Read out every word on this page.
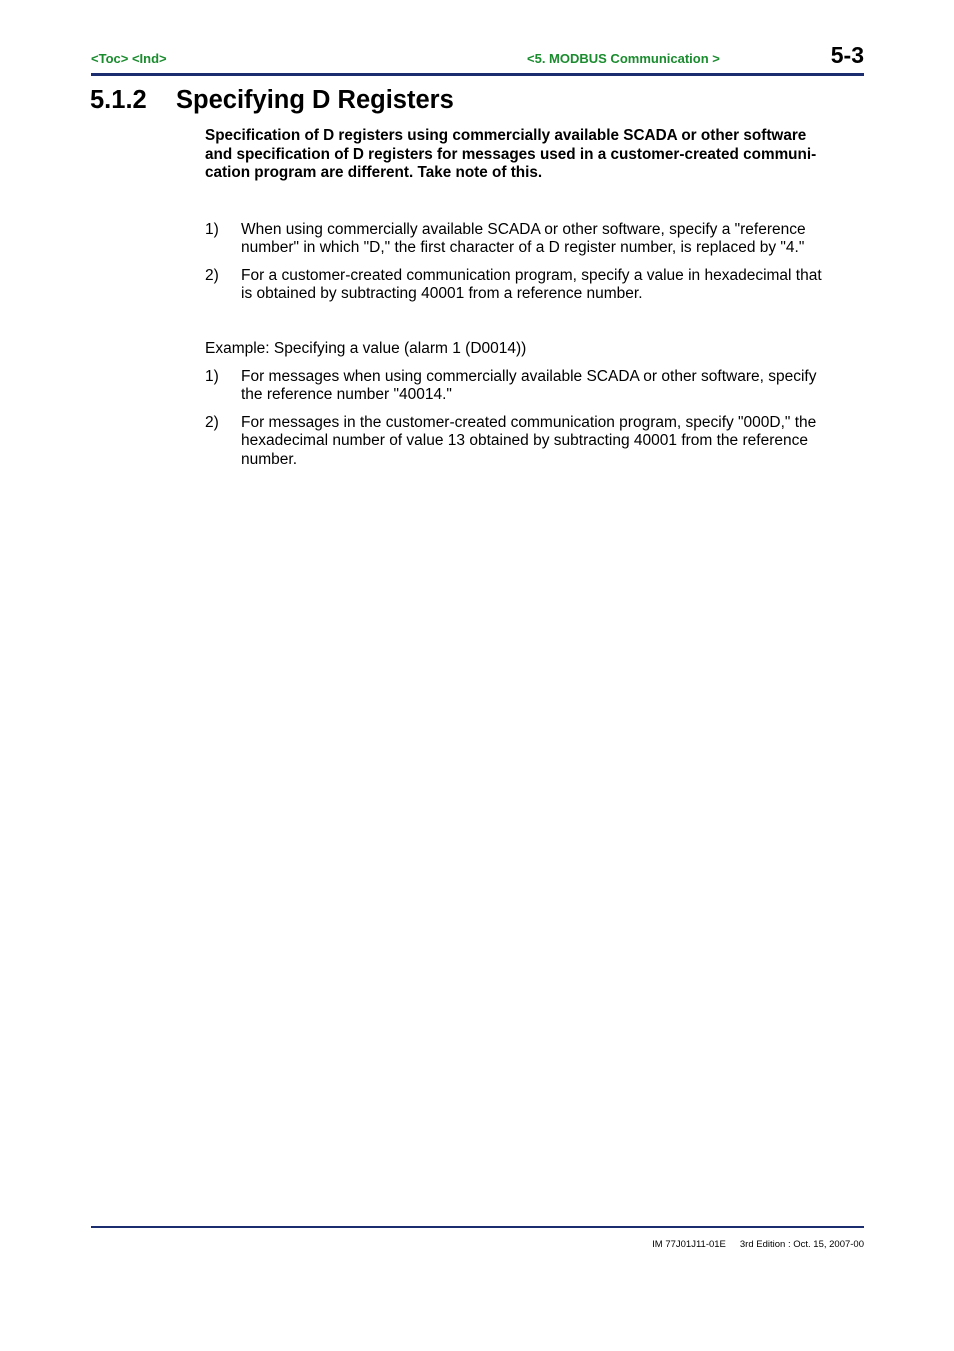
<Toc> <Ind>	<5. MODBUS Communication >	5-3
5.1.2 Specifying D Registers
Specification of D registers using commercially available SCADA or other software
and specification of D registers for messages used in a customer-created communi-
cation program are different. Take note of this.
1) When using commercially available SCADA or other software, specify a "reference
number" in which "D," the first character of a D register number, is replaced by "4."
2) For a customer-created communication program, specify a value in hexadecimal that
is obtained by subtracting 40001 from a reference number.
Example: Specifying a value (alarm 1 (D0014))
1) For messages when using commercially available SCADA or other software, specify
the reference number "40014."
2) For messages in the customer-created communication program, specify "000D," the
hexadecimal number of value 13 obtained by subtracting 40001 from the reference
number.
IM 77J01J11-01E 3rd Edition : Oct. 15, 2007-00
